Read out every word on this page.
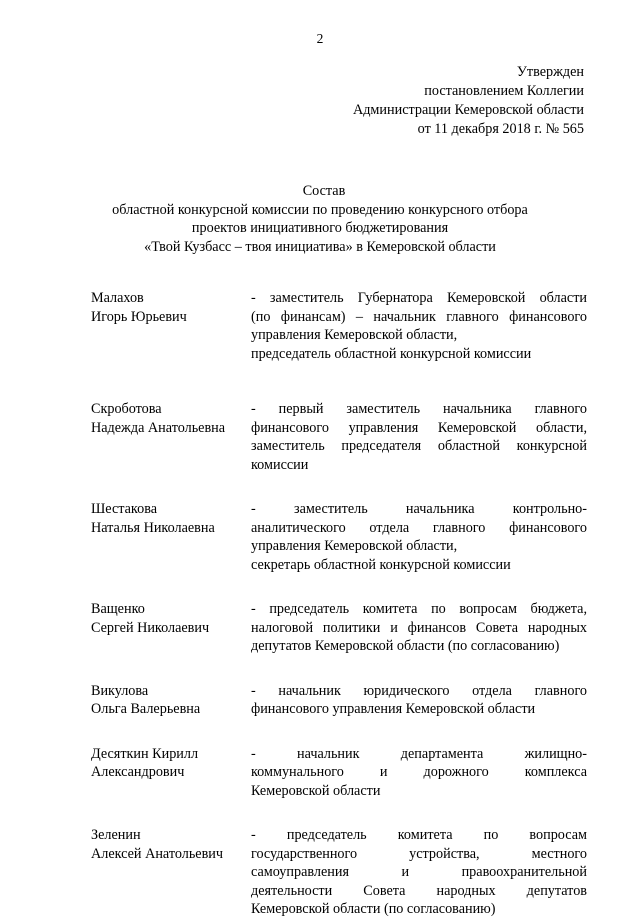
2
Утвержден
постановлением Коллегии
Администрации Кемеровской области
от 11 декабря 2018 г. № 565
Состав
областной конкурсной комиссии по проведению конкурсного отбора
проектов инициативного бюджетирования
«Твой Кузбасс – твоя инициатива» в Кемеровской области
Малахов
Игорь Юрьевич
- заместитель Губернатора Кемеровской области
(по финансам) – начальник главного финансового
управления Кемеровской области,
председатель областной конкурсной комиссии
Скроботова
Надежда Анатольевна
- первый заместитель начальника главного
финансового управления Кемеровской области,
заместитель председателя областной конкурсной
комиссии
Шестакова
Наталья Николаевна
- заместитель начальника контрольно-
аналитического отдела главного финансового
управления Кемеровской области,
секретарь областной конкурсной комиссии
Ващенко
Сергей Николаевич
- председатель комитета по вопросам бюджета,
налоговой политики и финансов Совета народных
депутатов Кемеровской области (по согласованию)
Викулова
Ольга Валерьевна
- начальник юридического отдела главного
финансового управления Кемеровской области
Десяткин Кирилл
Александрович
- начальник департамента жилищно-
коммунального и дорожного комплекса
Кемеровской области
Зеленин
Алексей Анатольевич
- председатель комитета по вопросам
государственного устройства, местного
самоуправления и правоохранительной
деятельности Совета народных депутатов
Кемеровской области (по согласованию)
